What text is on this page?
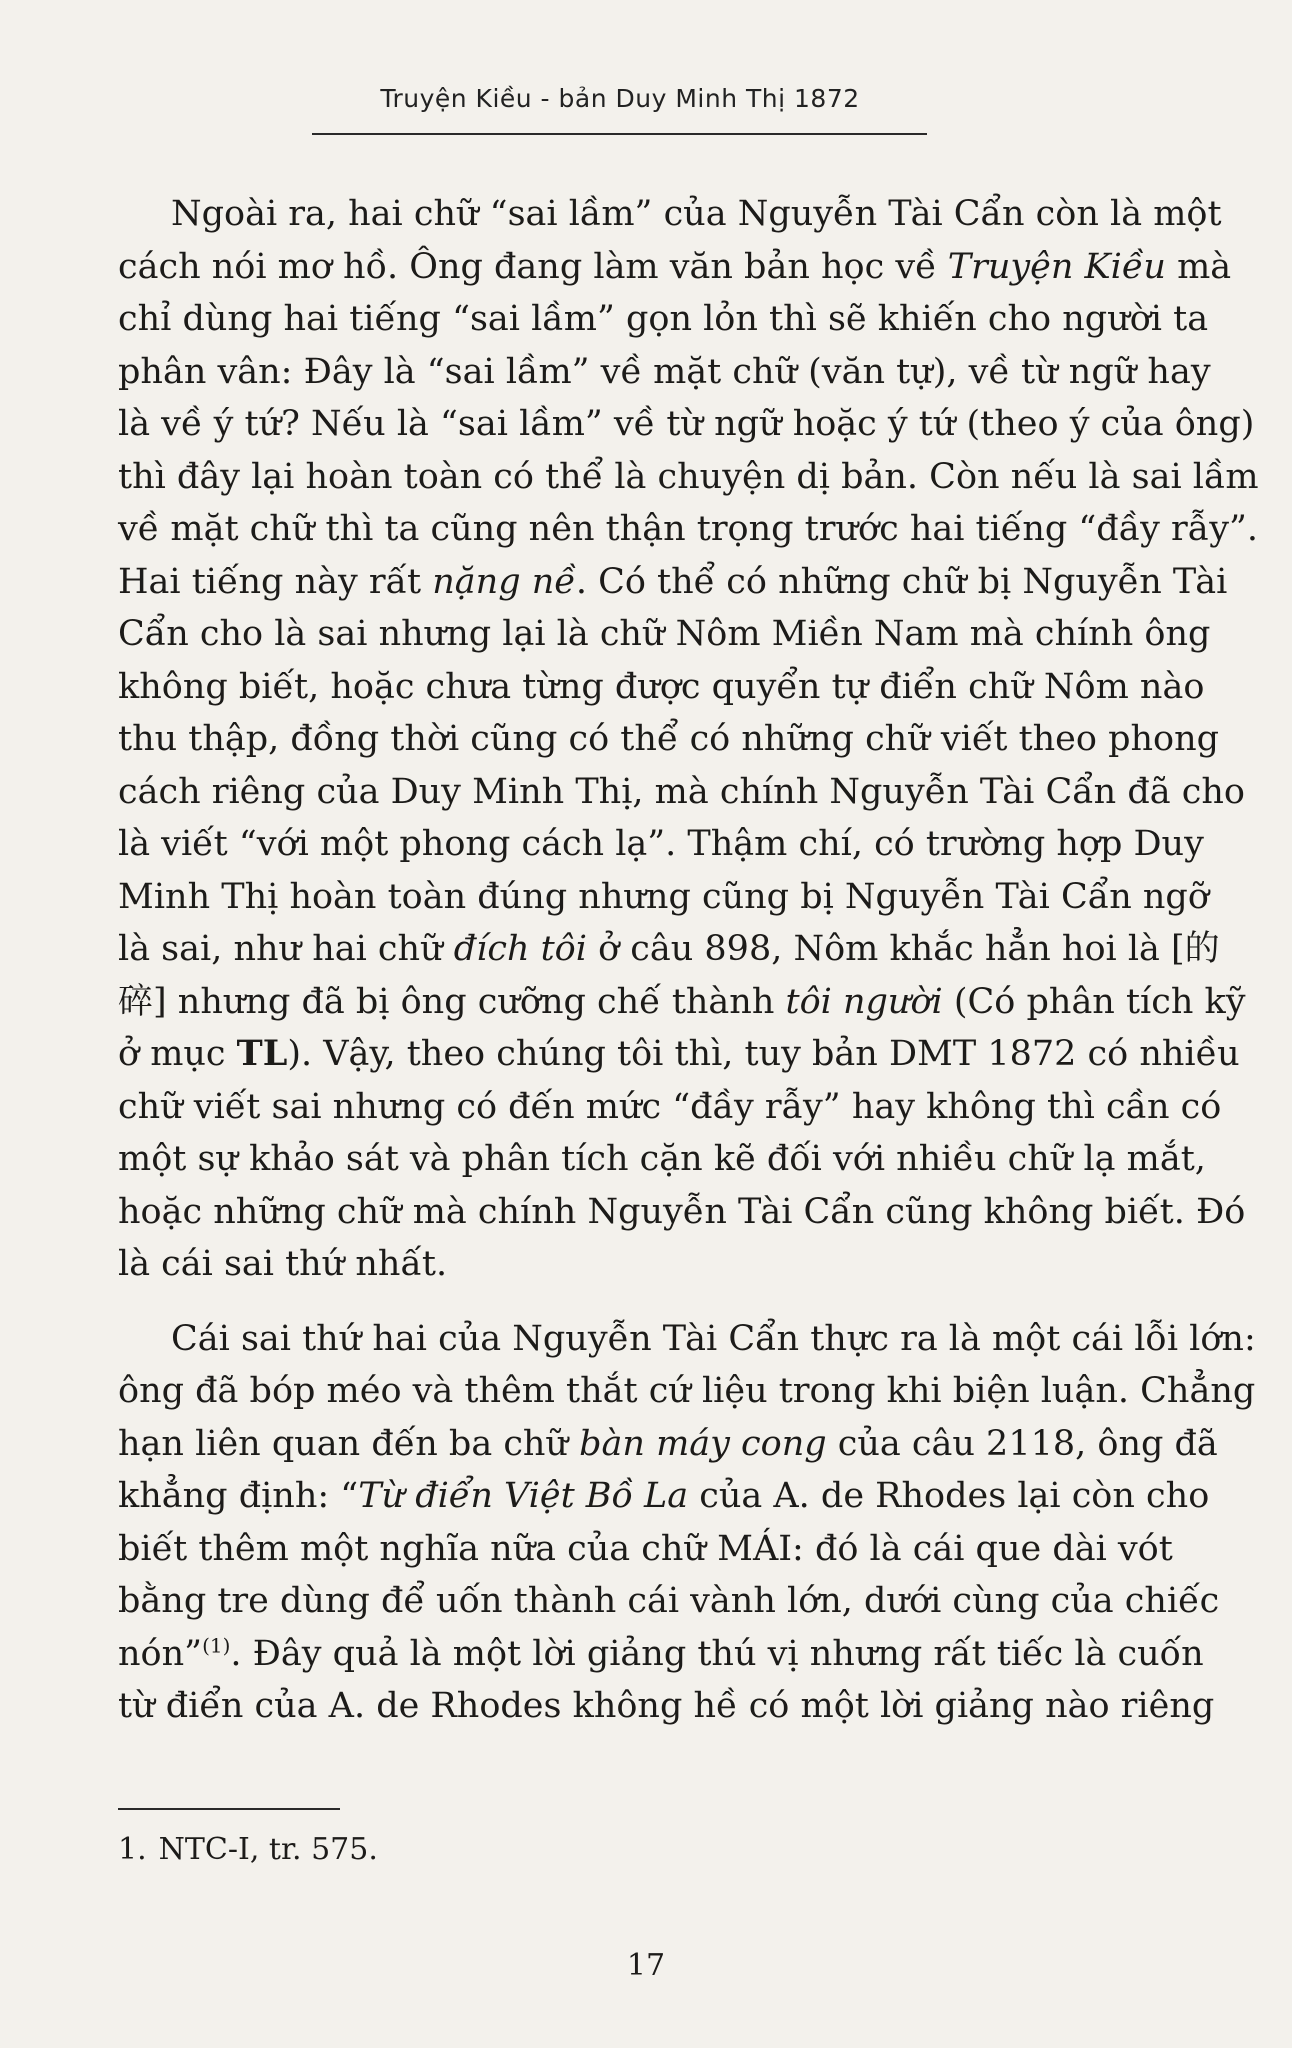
Truyện Kiều - bản Duy Minh Thị 1872
Ngoài ra, hai chữ “sai lầm” của Nguyễn Tài Cẩn còn là một
cách nói mơ hồ. Ông đang làm văn bản học về Truyện Kiều mà
chỉ dùng hai tiếng “sai lầm” gọn lỏn thì sẽ khiến cho người ta
phân vân: Đây là “sai lầm” về mặt chữ (văn tự), về từ ngữ hay
là về ý tứ? Nếu là “sai lầm” về từ ngữ hoặc ý tứ (theo ý của ông)
thì đây lại hoàn toàn có thể là chuyện dị bản. Còn nếu là sai lầm
về mặt chữ thì ta cũng nên thận trọng trước hai tiếng “đầy rẫy”.
Hai tiếng này rất nặng nề. Có thể có những chữ bị Nguyễn Tài
Cẩn cho là sai nhưng lại là chữ Nôm Miền Nam mà chính ông
không biết, hoặc chưa từng được quyển tự điển chữ Nôm nào
thu thập, đồng thời cũng có thể có những chữ viết theo phong
cách riêng của Duy Minh Thị, mà chính Nguyễn Tài Cẩn đã cho
là viết “với một phong cách lạ”. Thậm chí, có trường hợp Duy
Minh Thị hoàn toàn đúng nhưng cũng bị Nguyễn Tài Cẩn ngỡ
là sai, như hai chữ đích tôi ở câu 898, Nôm khắc hẳn hoi là [的
碎] nhưng đã bị ông cưỡng chế thành tôi người (Có phân tích kỹ
ở mục TL). Vậy, theo chúng tôi thì, tuy bản DMT 1872 có nhiều
chữ viết sai nhưng có đến mức “đầy rẫy” hay không thì cần có
một sự khảo sát và phân tích cặn kẽ đối với nhiều chữ lạ mắt,
hoặc những chữ mà chính Nguyễn Tài Cẩn cũng không biết. Đó
là cái sai thứ nhất.
Cái sai thứ hai của Nguyễn Tài Cẩn thực ra là một cái lỗi lớn:
ông đã bóp méo và thêm thắt cứ liệu trong khi biện luận. Chẳng
hạn liên quan đến ba chữ bàn máy cong của câu 2118, ông đã
khẳng định: “Từ điển Việt Bồ La của A. de Rhodes lại còn cho
biết thêm một nghĩa nữa của chữ MÁI: đó là cái que dài vót
bằng tre dùng để uốn thành cái vành lớn, dưới cùng của chiếc
nón”$^{(1)}$. Đây quả là một lời giảng thú vị nhưng rất tiếc là cuốn
từ điển của A. de Rhodes không hề có một lời giảng nào riêng
1. NTC-I, tr. 575.
17
